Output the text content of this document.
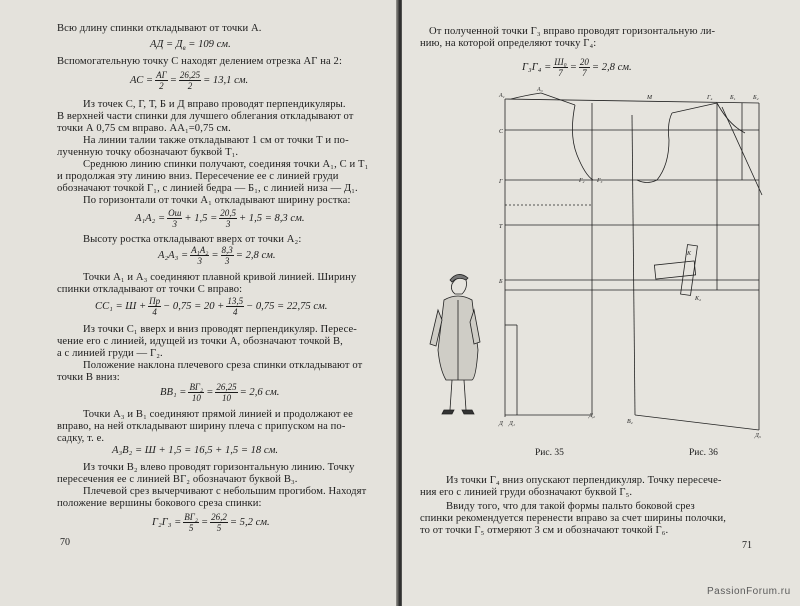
Всю длину спинки откладывают от точки А.
АД = $Д_в = 109$ см.
Вспомогательную точку С находят делением отрезка АГ на 2:
АС = $\frac{АГ}{2} = \frac{26,25}{2} = 13,1$ см.
Из точек С, Г, Т, Б и Д вправо проводят перпендикуляры.
В верхней части спинки для лучшего облегания откладывают от
точки А 0,75 см вправо. АА₁=0,75 см.
На линии талии также откладывают 1 см от точки Т и по-
лученную точку обозначают буквой Т₁.
Среднюю линию спинки получают, соединяя точки А₁, С и Т₁
и продолжая эту линию вниз. Пересечение ее с линией груди
обозначают точкой Г₁, с линией бедра — Б₁, с линией низа — Д₁.
По горизонтали от точки А₁ откладывают ширину ростка:
$А_1А_2 = \frac{Ош}{3} + 1,5 = \frac{20,5}{3} + 1,5 = 8,3$ см.
Высоту ростка откладывают вверх от точки А₂:
$А_2А_3 = \frac{\text{А₁А₂}}{3} = \frac{8,3}{3} = 2,8$ см.
Точки А₁ и А₃ соединяют плавной кривой линией. Ширину
спинки откладывают от точки С вправо:
$СС_1 = Ш + \frac{Пр}{4} - 0,75 = 20 + \frac{13,5}{4} - 0,75 = 22,75$ см.
Из точки С₁ вверх и вниз проводят перпендикуляр. Пересе-
чение его с линией, идущей из точки А, обозначают точкой В,
а с линией груди — Г₂.
Положение наклона плечевого среза спинки откладывают от
точки В вниз:
$ВВ_1 = \frac{\text{ВГ₂}}{10} = \frac{26,25}{10} = 2,6$ см.
Точки А₃ и В₁ соединяют прямой линией и продолжают ее
вправо, на ней откладывают ширину плеча с припуском на по-
садку, т. е.
А₃В₂ = Ш + 1,5 = 16,5 + 1,5 = 18 см.
Из точки В₂ влево проводят горизонтальную линию. Точку
пересечения ее с линией ВГ₂ обозначают буквой В₃.
Плечевой срез вычерчивают с небольшим прогибом. Находят
положение вершины бокового среза спинки:
$Г_2Г_3 = \frac{\text{ВГ₂}}{5} = \frac{26,2}{5} = 5,2$ см.
70
От полученной точки Г₃ вправо проводят горизонтальную ли-
нию, на которой определяют точку Г₄:
$Г_3Г_4 = \frac{\text{Ш₀}}{7} = \frac{20}{7} = 2,8$ см.
А₁
А₃
С
Г
Т
Б
Д Д₁
Д₂
В₂
Д₅
Г₂ Г₃
К
Г₄	Б₁	Б₂
М
К₂
Рис. 35	Рис. 36
Из точки Г₄ вниз опускают перпендикуляр. Точку пересече-
ния его с линией груди обозначают буквой Г₅.
Ввиду того, что для такой формы пальто боковой срез
спинки рекомендуется перенести вправо за счет ширины полочки,
то от точки Г₅ отмеряют 3 см и обозначают точкой Г₆.
71
PassionForum.ru
